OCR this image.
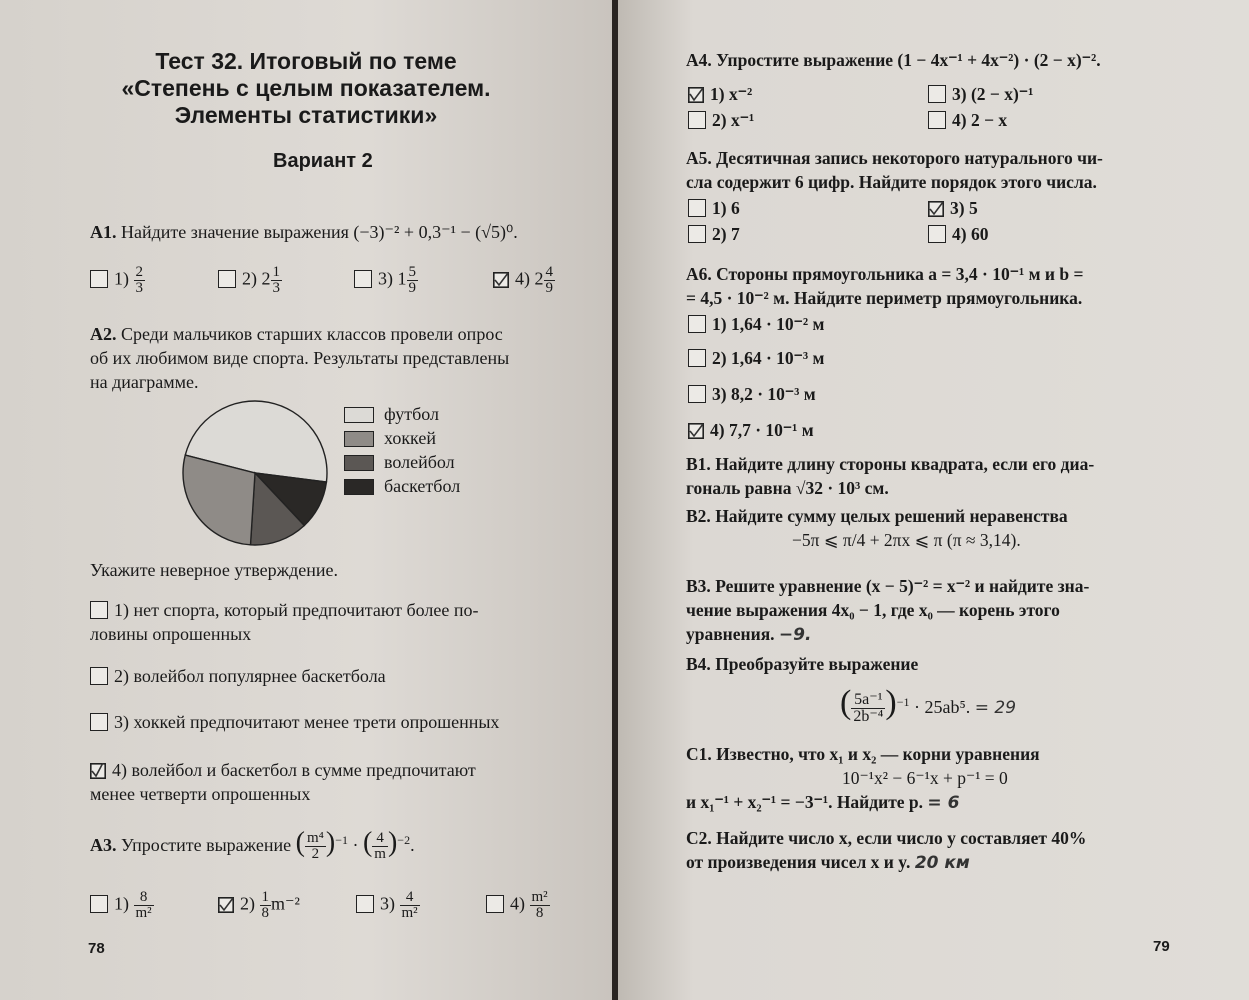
Тест 32. Итоговый по теме
«Степень с целым показателем.
Элементы статистики»
Вариант 2
А1. Найдите значение выражения (−3)⁻² + 0,3⁻¹ − (√5)⁰.
$1) \frac{2}{3}$	2) $2 \frac{1}{3}$	3) $1 \frac{5}{9}$	4) $2 \frac{4}{9}$
А2. Среди мальчиков старших классов провели опрос
об их любимом виде спорта. Результаты представлены
на диаграмме.
футбол
хоккей
волейбол
баскетбол
Укажите неверное утверждение.
1) нет спорта, который предпочитают более по-
ловины опрошенных
2) волейбол популярнее баскетбола
3) хоккей предпочитают менее трети опрошенных
4) волейбол и баскетбол в сумме предпочитают
менее четверти опрошенных
А3. Упростите выражение ( $\frac{\text{m⁴}}{2} )^{-1}$ · ( $\frac{4}{m} )^{-2}$.
$1) \frac{8}{\text{m²}}$	$2) \frac{1}{8} m^{-2}$	$3) \frac{4}{\text{m²}}$	$4) \frac{\text{m²}}{8}$
78
А4. Упростите выражение (1 − 4x⁻¹ + 4x⁻²) · (2 − x)⁻².
1) x⁻²	3) (2 − x)⁻¹
2) x⁻¹	4) 2 − x
А5. Десятичная запись некоторого натурального чи-
сла содержит 6 цифр. Найдите порядок этого числа.
1) 6	3) 5
2) 7	4) 60
А6. Стороны прямоугольника a = 3,4 · 10⁻¹ м и b =
= 4,5 · 10⁻² м. Найдите периметр прямоугольника.
1) 1,64 · 10⁻² м
2) 1,64 · 10⁻³ м
3) 8,2 · 10⁻³ м
4) 7,7 · 10⁻¹ м
В1. Найдите длину стороны квадрата, если его диа-
гональ равна √32 · 10³ см.
В2. Найдите сумму целых решений неравенства
−5π ⩽ π/4 + 2πx ⩽ π (π ≈ 3,14).
В3. Решите уравнение (x − 5)⁻² = x⁻² и найдите зна-
чение выражения 4x₀ − 1, где x₀ — корень этого
уравнения. −9.
В4. Преобразуйте выражение
( $\frac{\text{5a⁻¹}}{\text{2b⁻⁴}} )^{-1} \cdot 25ab^5$. = 29
С1. Известно, что x₁ и x₂ — корни уравнения
10⁻¹x² − 6⁻¹x + p⁻¹ = 0
и x₁⁻¹ + x₂⁻¹ = −3⁻¹. Найдите p. = 6
С2. Найдите число x, если число y составляет 40%
от произведения чисел x и y. 20 км
79
